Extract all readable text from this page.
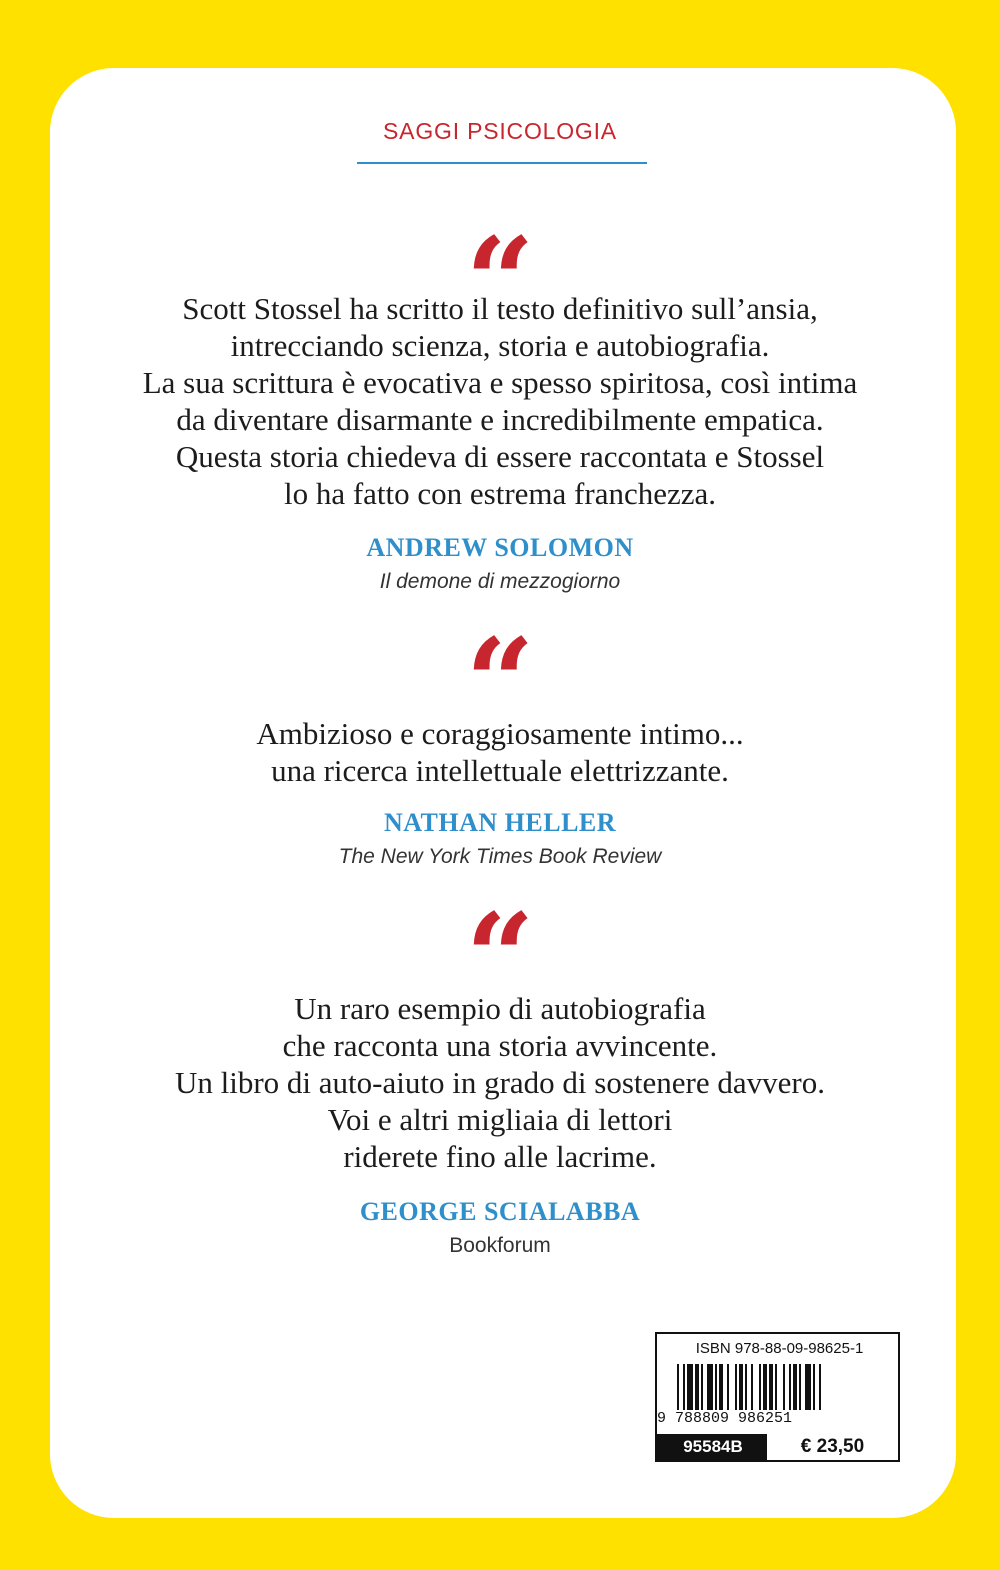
SAGGI PSICOLOGIA
“
Scott Stossel ha scritto il testo definitivo sull’ansia,
intrecciando scienza, storia e autobiografia.
La sua scrittura è evocativa e spesso spiritosa, così intima
da diventare disarmante e incredibilmente empatica.
Questa storia chiedeva di essere raccontata e Stossel
lo ha fatto con estrema franchezza.
ANDREW SOLOMON
Il demone di mezzogiorno
“
Ambizioso e coraggiosamente intimo...
una ricerca intellettuale elettrizzante.
NATHAN HELLER
The New York Times Book Review
“
Un raro esempio di autobiografia
che racconta una storia avvincente.
Un libro di auto-aiuto in grado di sostenere davvero.
Voi e altri migliaia di lettori
riderete fino alle lacrime.
GEORGE SCIALABBA
Bookforum
ISBN 978-88-09-98625-1
9 788809 986251
95584B	€ 23,50
